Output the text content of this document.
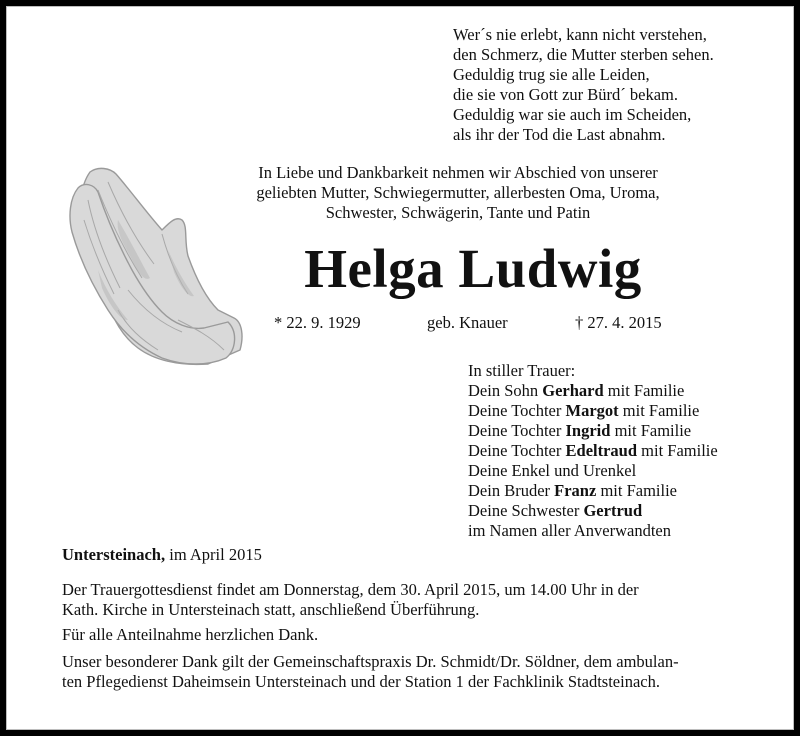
Wer´s nie erlebt, kann nicht verstehen,
den Schmerz, die Mutter sterben sehen.
Geduldig trug sie alle Leiden,
die sie von Gott zur Bürd´ bekam.
Geduldig war sie auch im Scheiden,
als ihr der Tod die Last abnahm.
In Liebe und Dankbarkeit nehmen wir Abschied von unserer
geliebten Mutter, Schwiegermutter, allerbesten Oma, Uroma,
Schwester, Schwägerin, Tante und Patin
Helga Ludwig
* 22. 9. 1929	geb. Knauer	† 27. 4. 2015
In stiller Trauer:
Dein Sohn Gerhard mit Familie
Deine Tochter Margot mit Familie
Deine Tochter Ingrid mit Familie
Deine Tochter Edeltraud mit Familie
Deine Enkel und Urenkel
Dein Bruder Franz mit Familie
Deine Schwester Gertrud
im Namen aller Anverwandten
Untersteinach, im April 2015
Der Trauergottesdienst findet am Donnerstag, dem 30. April 2015, um 14.00 Uhr in der
Kath. Kirche in Untersteinach statt, anschließend Überführung.
Für alle Anteilnahme herzlichen Dank.
Unser besonderer Dank gilt der Gemeinschaftspraxis Dr. Schmidt/Dr. Söldner, dem ambulan-
ten Pflegedienst Daheimsein Untersteinach und der Station 1 der Fachklinik Stadtsteinach.
